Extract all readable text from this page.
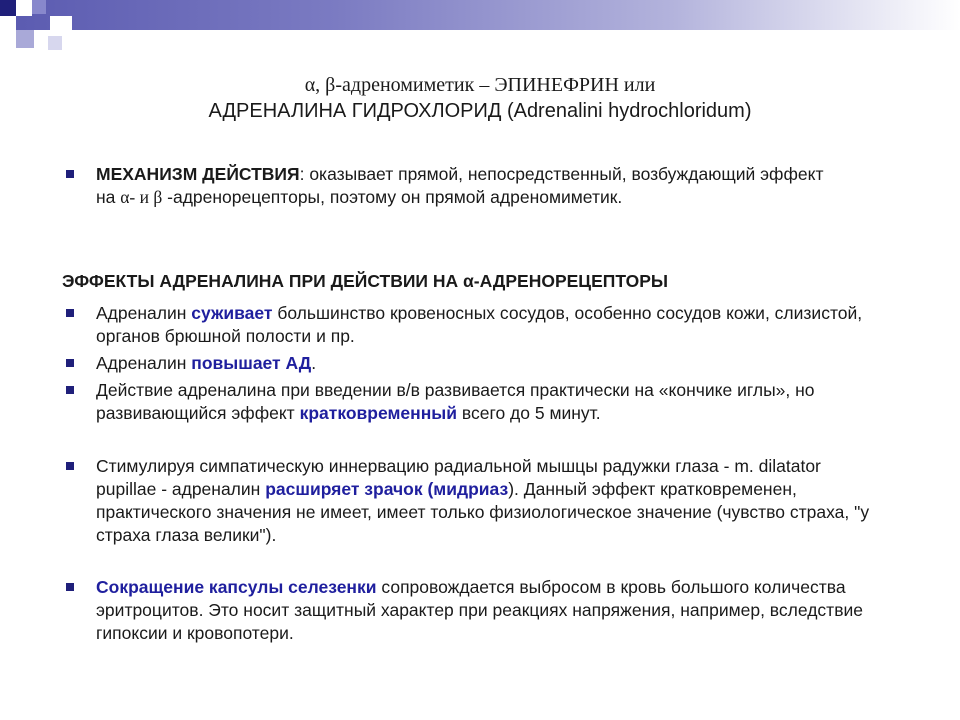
α, β-адреномиметик – ЭПИНЕФРИН или
АДРЕНАЛИНА ГИДРОХЛОРИД (Adrenalini hydrochloridum)
МЕХАНИЗМ ДЕЙСТВИЯ: оказывает прямой, непосредственный, возбуждающий эффект на α- и β -адренорецепторы, поэтому он прямой адреномиметик.
ЭФФЕКТЫ АДРЕНАЛИНА ПРИ ДЕЙСТВИИ НА α-АДРЕНОРЕЦЕПТОРЫ
Адреналин суживает большинство кровеносных сосудов, особенно сосудов кожи, слизистой, органов брюшной полости и пр.
Адреналин повышает АД.
Действие адреналина при введении в/в развивается практически на «кончике иглы», но развивающийся эффект кратковременный всего до 5 минут.
Стимулируя симпатическую иннервацию радиальной мышцы радужки глаза - m. dilatator pupillae - адреналин расширяет зрачок (мидриаз). Данный эффект кратковременен, практического значения не имеет, имеет только физиологическое значение (чувство страха, "у страха глаза велики").
Сокращение капсулы селезенки сопровождается выбросом в кровь большого количества эритроцитов. Это носит защитный характер при реакциях напряжения, например, вследствие гипоксии и кровопотери.
